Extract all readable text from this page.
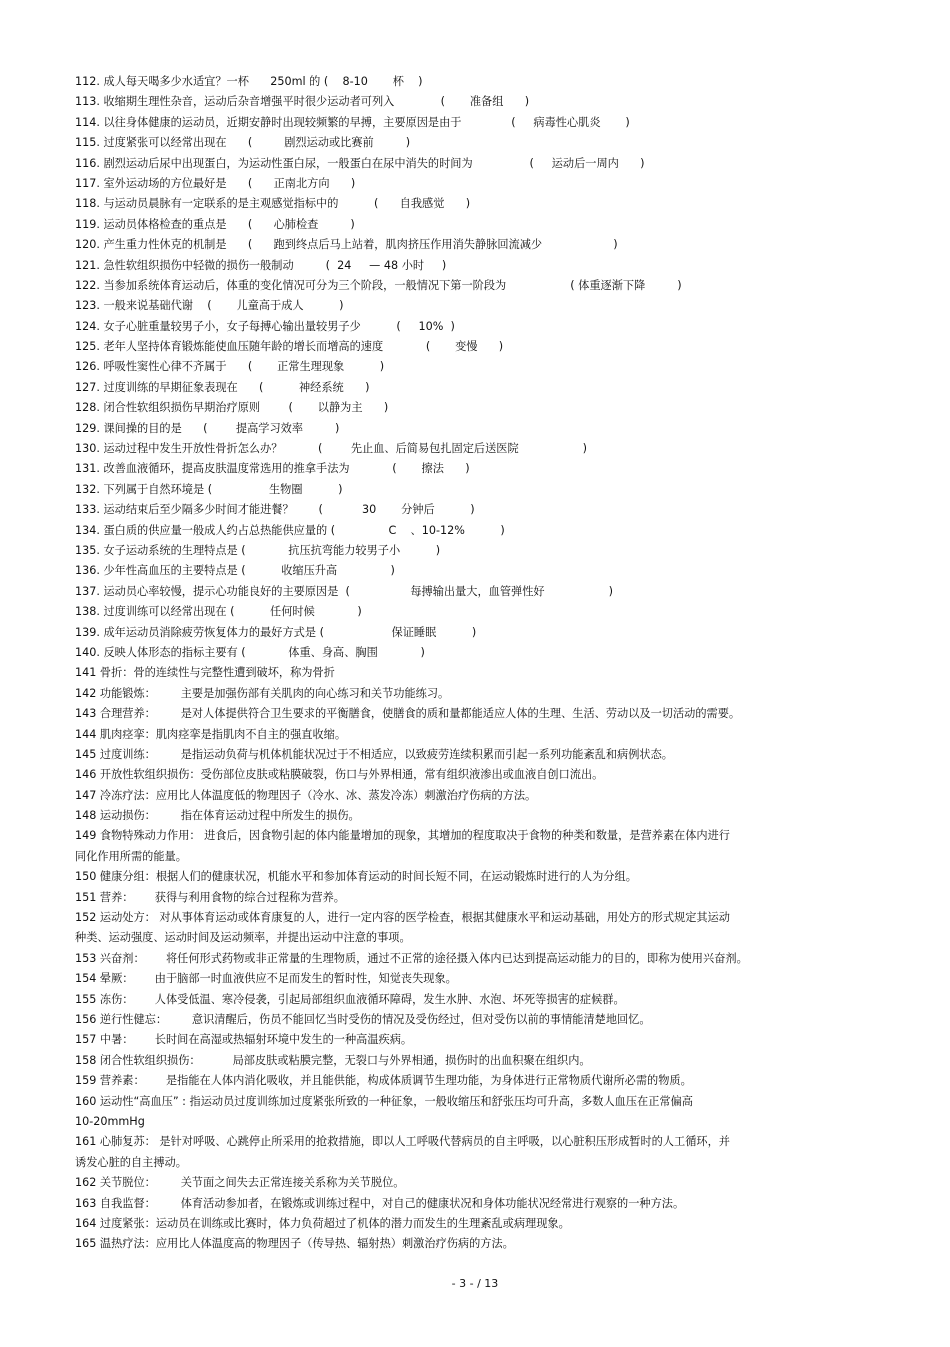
112. 成人每天喝多少水适宜？一杯      250ml 的 (    8-10       杯    )
113. 收缩期生理性杂音，运动后杂音增强平时很少运动者可列入             (       准备组      )
114. 以往身体健康的运动员，近期安静时出现较频繁的早搏，主要原因是由于              (     病毒性心肌炎       )
115. 过度紧张可以经常出现在      (         剧烈运动或比赛前         )
116. 剧烈运动后尿中出现蛋白，为运动性蛋白尿，一般蛋白在尿中消失的时间为                (     运动后一周内      )
117. 室外运动场的方位最好是      (      正南北方向      )
118. 与运动员晨脉有一定联系的是主观感觉指标中的          (      自我感觉      )
119. 运动员体格检查的重点是      (      心肺检查         )
120. 产生重力性休克的机制是      (      跑到终点后马上站着，肌肉挤压作用消失静脉回流减少                    )
121. 急性软组织损伤中轻微的损伤一般制动         (  24     — 48 小时     )
122. 当参加系统体育运动后，体重的变化情况可分为三个阶段，一般情况下第一阶段为                  ( 体重逐渐下降         )
123. 一般来说基础代谢    (       儿童高于成人          )
124. 女子心脏重量较男子小，女子每搏心输出量较男子少          (     10%  )
125. 老年人坚持体育锻炼能使血压随年龄的增长而增高的速度            (       变慢      )
126. 呼吸性窦性心律不齐属于      (       正常生理现象          )
127. 过度训练的早期征象表现在      (          神经系统      )
128. 闭合性软组织损伤早期治疗原则        (       以静为主      )
129. 课间操的目的是      (        提高学习效率         )
130. 运动过程中发生开放性骨折怎么办？          (        先止血、后简易包扎固定后送医院                  )
131. 改善血液循环，提高皮肤温度常选用的推拿手法为            (       擦法      )
132. 下列属于自然环境是 (                生物圈          )
133. 运动结束后至少隔多少时间才能进餐？       (           30       分钟后          )
134. 蛋白质的供应量一般成人约占总热能供应量的 (               C    、10-12%          )
135. 女子运动系统的生理特点是 (            抗压抗弯能力较男子小          )
136. 少年性高血压的主要特点是 (          收缩压升高               )
137. 运动员心率较慢，提示心功能良好的主要原因是  (                 每搏输出量大，血管弹性好                  )
138. 过度训练可以经常出现在 (          任何时候            )
139. 成年运动员消除疲劳恢复体力的最好方式是 (                   保证睡眠          )
140. 反映人体形态的指标主要有 (            体重、身高、胸围            )
141 骨折：骨的连续性与完整性遭到破坏，称为骨折
142 功能锻炼：       主要是加强伤部有关肌肉的向心练习和关节功能练习。
143 合理营养：       是对人体提供符合卫生要求的平衡膳食，使膳食的质和量都能适应人体的生理、生活、劳动以及一切活动的需要。
144 肌肉痉挛：肌肉痉挛是指肌肉不自主的强直收缩。
145 过度训练：       是指运动负荷与机体机能状况过于不相适应，以致疲劳连续积累而引起一系列功能紊乱和病例状态。
146 开放性软组织损伤：受伤部位皮肤或粘膜破裂，伤口与外界相通，常有组织液渗出或血液自创口流出。
147 冷冻疗法：应用比人体温度低的物理因子（冷水、冰、蒸发冷冻）刺激治疗伤病的方法。
148 运动损伤：       指在体育运动过程中所发生的损伤。
149 食物特殊动力作用： 进食后，因食物引起的体内能量增加的现象，其增加的程度取决于食物的种类和数量，是营养素在体内进行
同化作用所需的能量。
150 健康分组：根据人们的健康状况，机能水平和参加体育运动的时间长短不同，在运动锻炼时进行的人为分组。
151 营养：      获得与利用食物的综合过程称为营养。
152 运动处方： 对从事体育运动或体育康复的人，进行一定内容的医学检查，根据其健康水平和运动基础，用处方的形式规定其运动
种类、运动强度、运动时间及运动频率，并提出运动中注意的事项。
153 兴奋剂：      将任何形式药物或非正常量的生理物质，通过不正常的途径摄入体内已达到提高运动能力的目的，即称为使用兴奋剂。
154 晕厥：      由于脑部一时血液供应不足而发生的暂时性，知觉丧失现象。
155 冻伤：      人体受低温、寒冷侵袭，引起局部组织血液循环障碍，发生水肿、水泡、坏死等损害的症候群。
156 逆行性健忘：       意识清醒后，伤员不能回忆当时受伤的情况及受伤经过，但对受伤以前的事情能清楚地回忆。
157 中暑：      长时间在高湿或热辐射环境中发生的一种高温疾病。
158 闭合性软组织损伤：         局部皮肤或粘膜完整，无裂口与外界相通，损伤时的出血积聚在组织内。
159 营养素：      是指能在人体内消化吸收，并且能供能，构成体质调节生理功能，为身体进行正常物质代谢所必需的物质。
160 运动性“高血压” : 指运动员过度训练加过度紧张所致的一种征象，一般收缩压和舒张压均可升高，多数人血压在正常偏高
10-20mmHg
161 心肺复苏： 是针对呼吸、心跳停止所采用的抢救措施，即以人工呼吸代替病员的自主呼吸，以心脏积压形成暂时的人工循环，并
诱发心脏的自主搏动。
162 关节脱位：       关节面之间失去正常连接关系称为关节脱位。
163 自我监督：       体育活动参加者，在锻炼或训练过程中，对自己的健康状况和身体功能状况经常进行观察的一种方法。
164 过度紧张：运动员在训练或比赛时，体力负荷超过了机体的潜力而发生的生理紊乱或病理现象。
165 温热疗法：应用比人体温度高的物理因子（传导热、辐射热）刺激治疗伤病的方法。
- 3 - / 13
